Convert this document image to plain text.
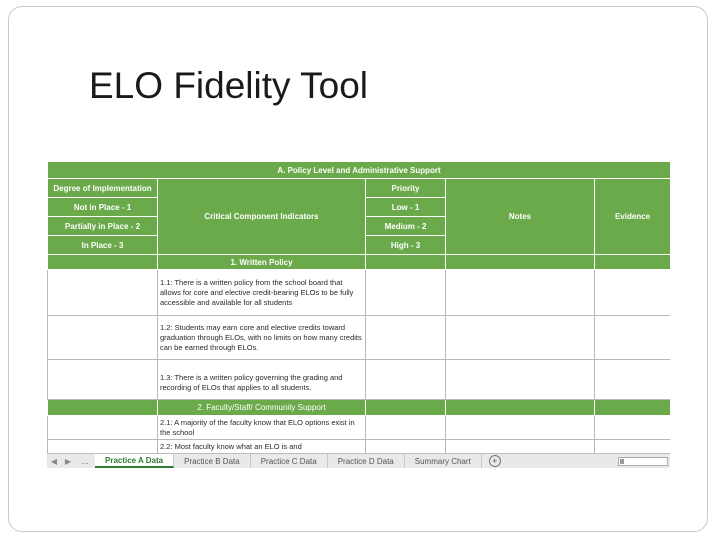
ELO Fidelity Tool
A. Policy Level and Administrative Support				
Degree of Implementation	Critical Component Indicators	Priority	Notes	Evidence
Not in Place - 1		Low - 1		
Partially in Place - 2		Medium - 2		
In Place - 3		High - 3		
	1. Written Policy			
	1.1: There is a written policy from the school board that allows for core and elective credit-bearing ELOs to be fully accessible and available for all students			
	1.2: Students may earn core and elective credits toward graduation through ELOs, with no limits on how many credits can be earned through ELOs.			
	1.3: There is a written policy governing the grading and recording of ELOs that applies to all students.			
	2. Faculty/Staff/ Community Support			
	2.1: A majority of the faculty know that ELO options exist in the school			
	2.2: Most faculty know what an ELO is and			
◀ ▶	...	Practice A Data	Practice B Data	Practice C Data	Practice D Data	Summary Chart	+
